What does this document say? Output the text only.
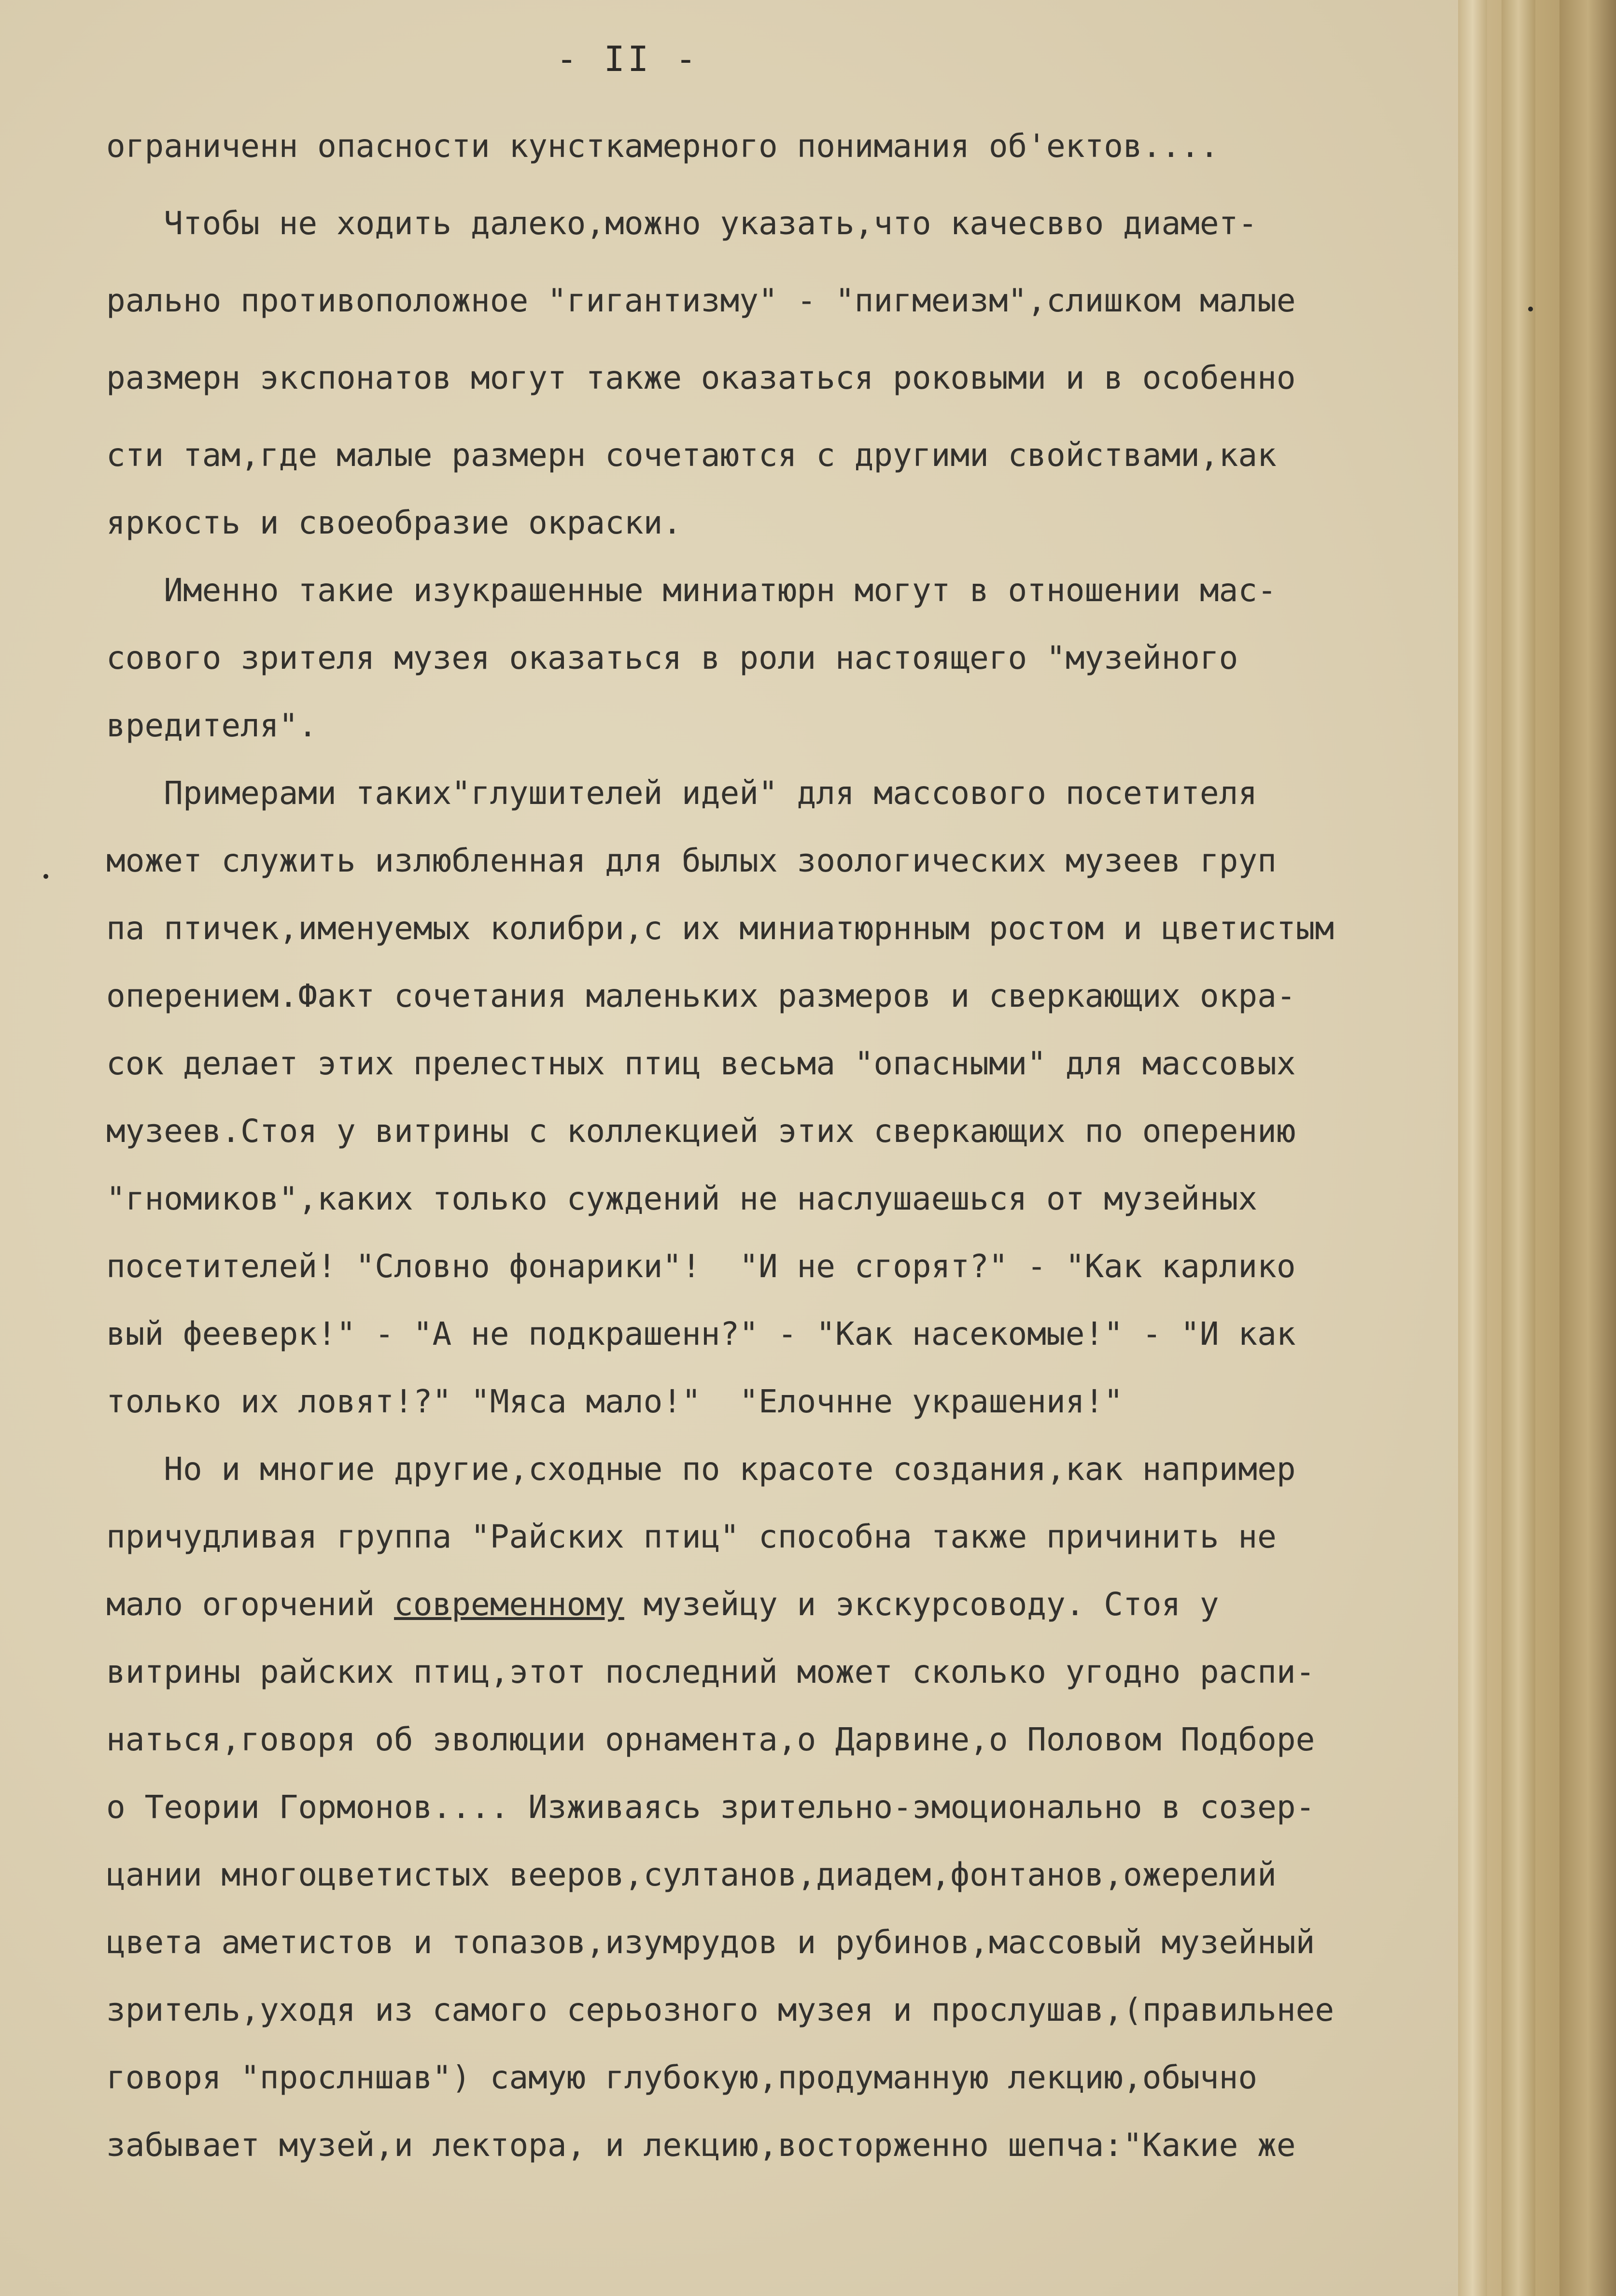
- II -
ограниченн опасности кунсткамерного понимания об'ектов....
Чтобы не ходить далеко,можно указать,что качесвво диамет-
рально противоположное "гигантизму" - "пигмеизм",слишком малые
размерн экспонатов могут также оказаться роковыми и в особенно
сти там,где малые размерн сочетаются с другими свойствами,как
яркость и своеобразие окраски.
Именно такие изукрашенные миниатюрн могут в отношении мас-
сового зрителя музея оказаться в роли настоящего "музейного
вредителя".
Примерами таких"глушителей идей" для массового посетителя
может служить излюбленная для былых зоологических музеев груп
па птичек,именуемых колибри,с их миниатюрнным ростом и цветистым
оперением.Факт сочетания маленьких размеров и сверкающих окра-
сок делает этих прелестных птиц весьма "опасными" для массовых
музеев.Стоя у витрины с коллекцией этих сверкающих по оперению
"гномиков",каких только суждений не наслушаешься от музейных
посетителей! "Словно фонарики"!  "И не сгорят?" - "Как карлико
вый фееверк!" - "А не подкрашенн?" - "Как насекомые!" - "И как
только их ловят!?" "Мяса мало!"  "Елочнне украшения!"
Но и многие другие,сходные по красоте создания,как например
причудливая группа "Райских птиц" способна также причинить не
мало огорчений современному музейцу и экскурсоводу. Стоя у
витрины райских птиц,этот последний может сколько угодно распи-
наться,говоря об эволюции орнамента,о Дарвине,о Половом Подборе
о Теории Гормонов.... Изживаясь зрительно-эмоционально в созер-
цании многоцветистых вееров,султанов,диадем,фонтанов,ожерелий
цвета аметистов и топазов,изумрудов и рубинов,массовый музейный
зритель,уходя из самого серьозного музея и прослушав,(правильнее
говоря "прослншав") самую глубокую,продуманную лекцию,обычно
забывает музей,и лектора, и лекцию,восторженно шепча:"Какие же
